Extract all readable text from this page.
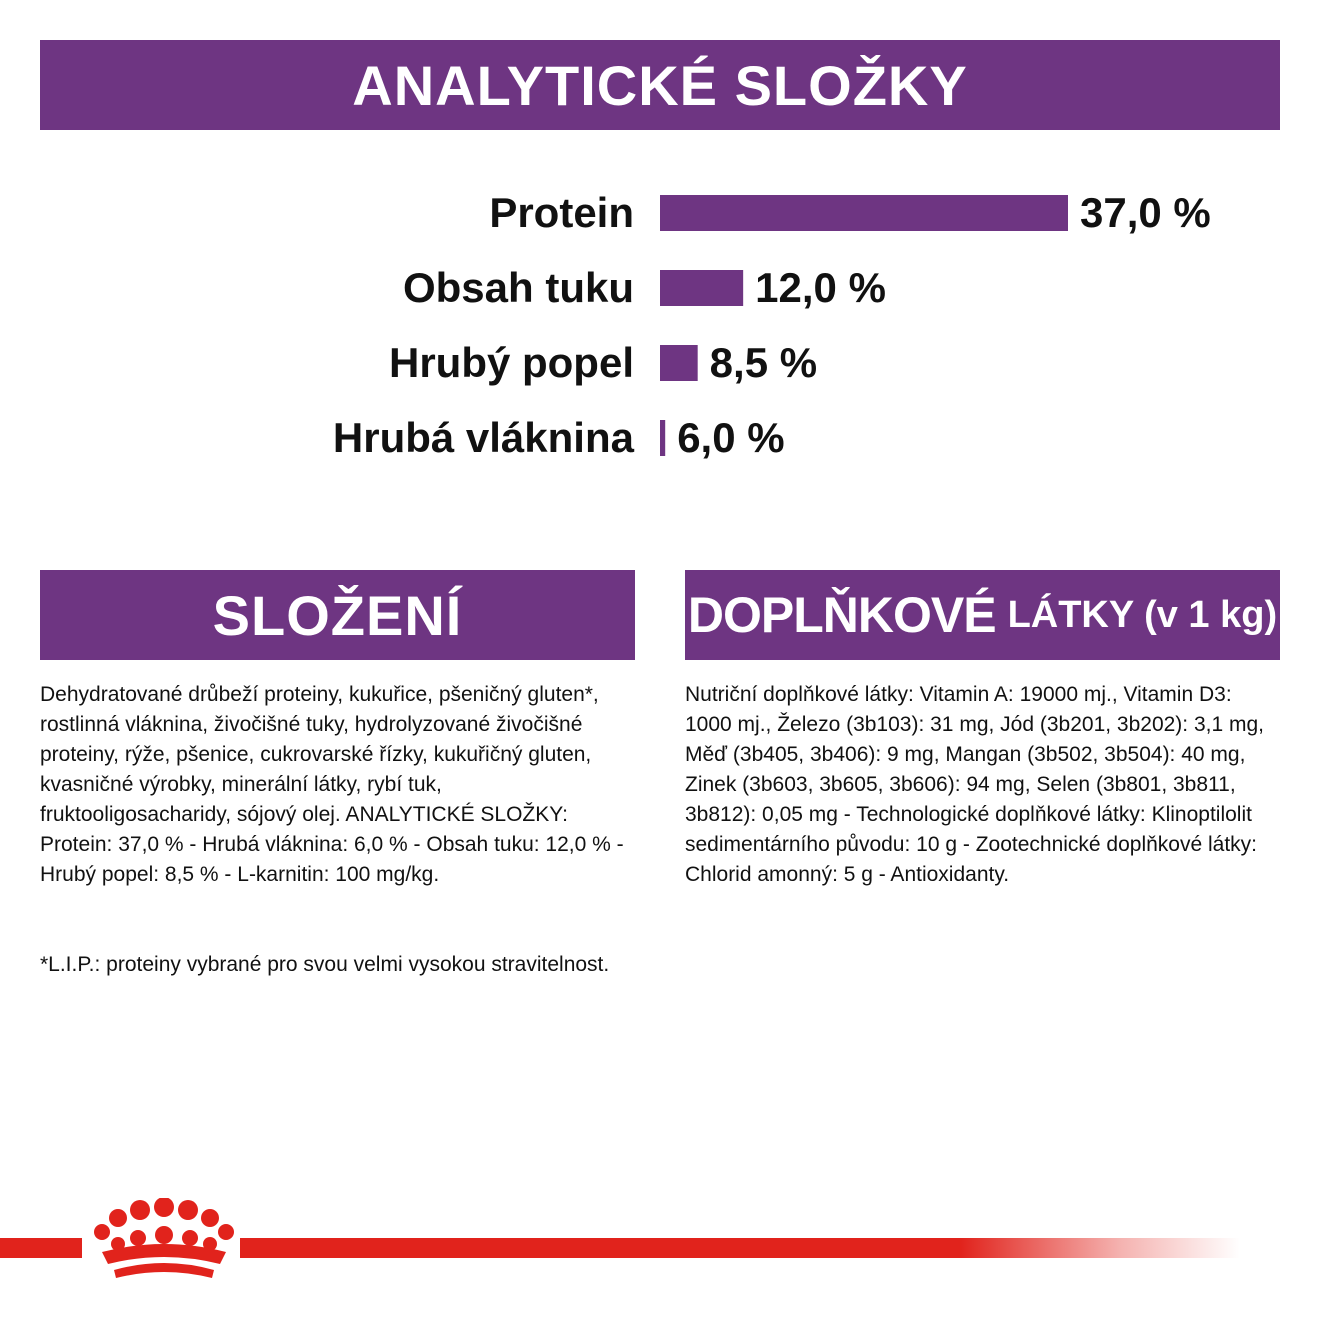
ANALYTICKÉ SLOŽKY
Protein	37,0 %
Obsah tuku	12,0 %
Hrubý popel 8,5 %
Hrubá vláknina 6,0 %
SLOŽENÍ	DOPLŇKOVÉ LÁTKY (v 1 kg)

Dehydratované drůbeží proteiny, kukuřice, pšeničný gluten*, rostlinná vláknina, živočišné tuky, hydrolyzované živočišné proteiny, rýže, pšenice, cukrovarské řízky, kukuřičný gluten, kvasničné výrobky, minerální látky, rybí tuk, fruktooligosacharidy, sójový olej. ANALYTICKÉ SLOŽKY: Protein: 37,0 % - Hrubá vláknina: 6,0 % - Obsah tuku: 12,0 % - Hrubý popel: 8,5 % - L-karnitin: 100 mg/kg.

*L.I.P.: proteiny vybrané pro svou velmi vysokou stravitelnost.

Nutriční doplňkové látky: Vitamin A: 19000 mj., Vitamin D3: 1000 mj., Železo (3b103): 31 mg, Jód (3b201, 3b202): 3,1 mg, Měď (3b405, 3b406): 9 mg, Mangan (3b502, 3b504): 40 mg, Zinek (3b603, 3b605, 3b606): 94 mg, Selen (3b801, 3b811, 3b812): 0,05 mg - Technologické doplňkové látky: Klinoptilolit sedimentárního původu: 10 g - Zootechnické doplňkové látky: Chlorid amonný: 5 g - Antioxidanty.
